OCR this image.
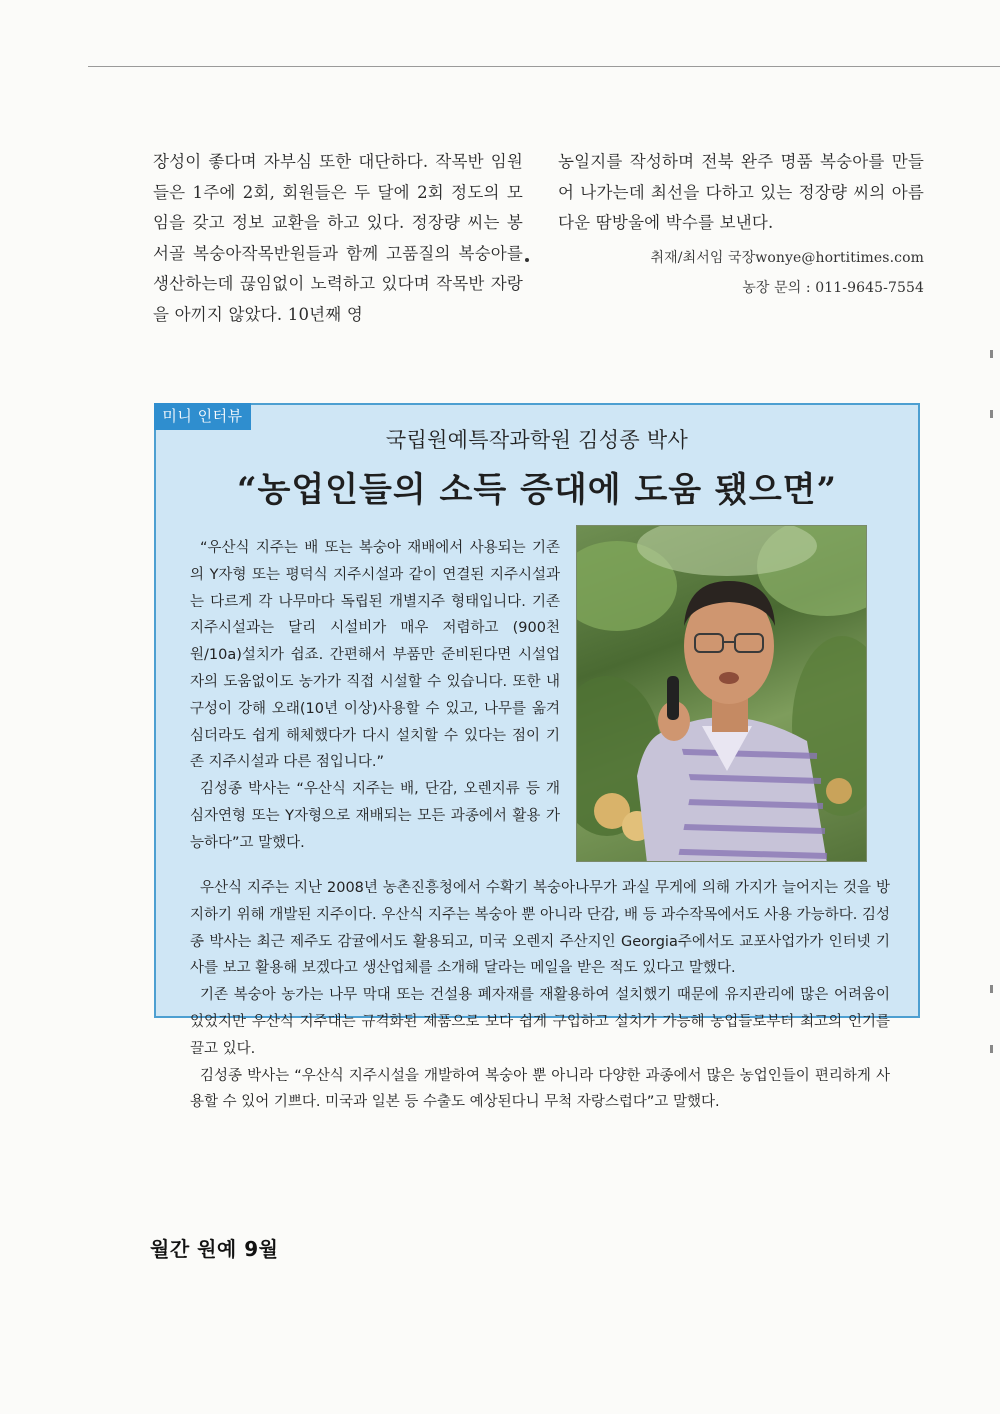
장성이 좋다며 자부심 또한 대단하다. 작목반 임원들은 1주에 2회, 회원들은 두 달에 2회 정도의 모임을 갖고 정보 교환을 하고 있다. 정장량 씨는 봉서골 복숭아작목반원들과 함께 고품질의 복숭아를 생산하는데 끊임없이 노력하고 있다며 작목반 자랑을 아끼지 않았다. 10년째 영

농일지를 작성하며 전북 완주 명품 복숭아를 만들어 나가는데 최선을 다하고 있는 정장량 씨의 아름다운 땀방울에 박수를 보낸다.

취재/최서임 국장wonye@hortitimes.com
농장 문의 : 011-9645-7554
미니 인터뷰
국립원예특작과학원 김성종 박사
“농업인들의 소득 증대에 도움 됐으면”

“우산식 지주는 배 또는 복숭아 재배에서 사용되는 기존의 Y자형 또는 평덕식 지주시설과 같이 연결된 지주시설과는 다르게 각 나무마다 독립된 개별지주 형태입니다. 기존 지주시설과는 달리 시설비가 매우 저렴하고 (900천원/10a)설치가 쉽죠. 간편해서 부품만 준비된다면 시설업자의 도움없이도 농가가 직접 시설할 수 있습니다. 또한 내구성이 강해 오래(10년 이상)사용할 수 있고, 나무를 옮겨 심더라도 쉽게 해체했다가 다시 설치할 수 있다는 점이 기존 지주시설과 다른 점입니다.”

김성종 박사는 “우산식 지주는 배, 단감, 오렌지류 등 개심자연형 또는 Y자형으로 재배되는 모든 과종에서 활용 가능하다”고 말했다.

우산식 지주는 지난 2008년 농촌진흥청에서 수확기 복숭아나무가 과실 무게에 의해 가지가 늘어지는 것을 방지하기 위해 개발된 지주이다. 우산식 지주는 복숭아 뿐 아니라 단감, 배 등 과수작목에서도 사용 가능하다. 김성종 박사는 최근 제주도 감귤에서도 활용되고, 미국 오렌지 주산지인 Georgia주에서도 교포사업가가 인터넷 기사를 보고 활용해 보겠다고 생산업체를 소개해 달라는 메일을 받은 적도 있다고 말했다.

기존 복숭아 농가는 나무 막대 또는 건설용 폐자재를 재활용하여 설치했기 때문에 유지관리에 많은 어려움이 있었지만 우산식 지주대는 규격화된 제품으로 보다 쉽게 구입하고 설치가 가능해 농업들로부터 최고의 인기를 끌고 있다.

김성종 박사는 “우산식 지주시설을 개발하여 복숭아 뿐 아니라 다양한 과종에서 많은 농업인들이 편리하게 사용할 수 있어 기쁘다. 미국과 일본 등 수출도 예상된다니 무척 자랑스럽다”고 말했다.

월간 원예 9월
